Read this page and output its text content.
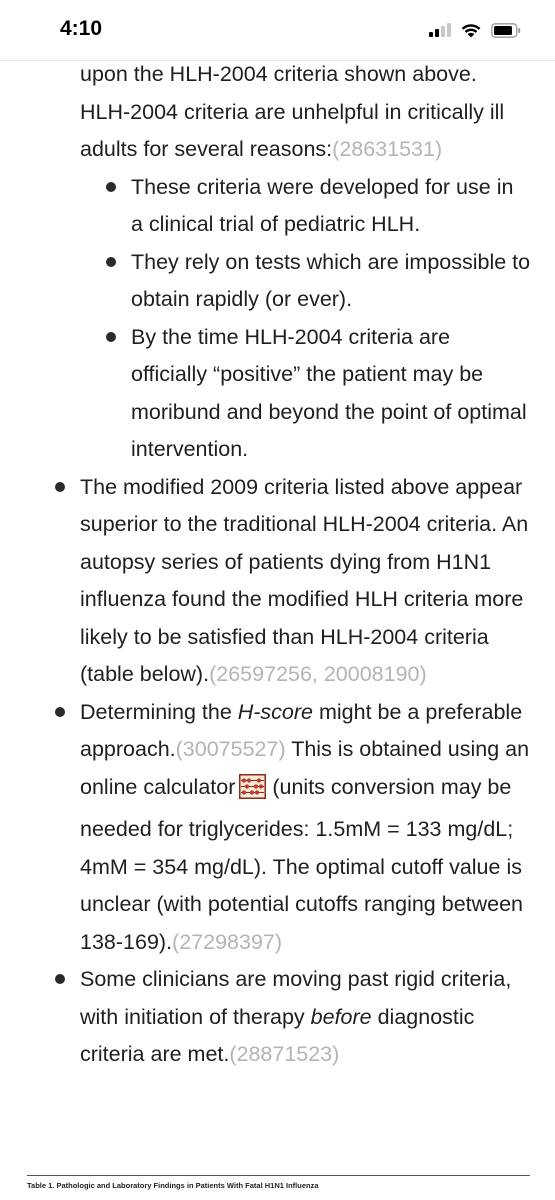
4:10

upon the HLH-2004 criteria shown above. HLH-2004 criteria are unhelpful in critically ill adults for several reasons:(28631531)

These criteria were developed for use in a clinical trial of pediatric HLH.
They rely on tests which are impossible to obtain rapidly (or ever).
By the time HLH-2004 criteria are officially “positive” the patient may be moribund and beyond the point of optimal intervention.
The modified 2009 criteria listed above appear superior to the traditional HLH-2004 criteria. An autopsy series of patients dying from H1N1 influenza found the modified HLH criteria more likely to be satisfied than HLH-2004 criteria (table below).(26597256, 20008190)
Determining the H-score might be a preferable approach.(30075527) This is obtained using an online calculator (units conversion may be needed for triglycerides: 1.5mM = 133 mg/dL; 4mM = 354 mg/dL). The optimal cutoff value is unclear (with potential cutoffs ranging between 138-169).(27298397)
Some clinicians are moving past rigid criteria, with initiation of therapy before diagnostic criteria are met.(28871523)
Table 1. Pathologic and Laboratory Findings in Patients With Fatal H1N1 Influenza
